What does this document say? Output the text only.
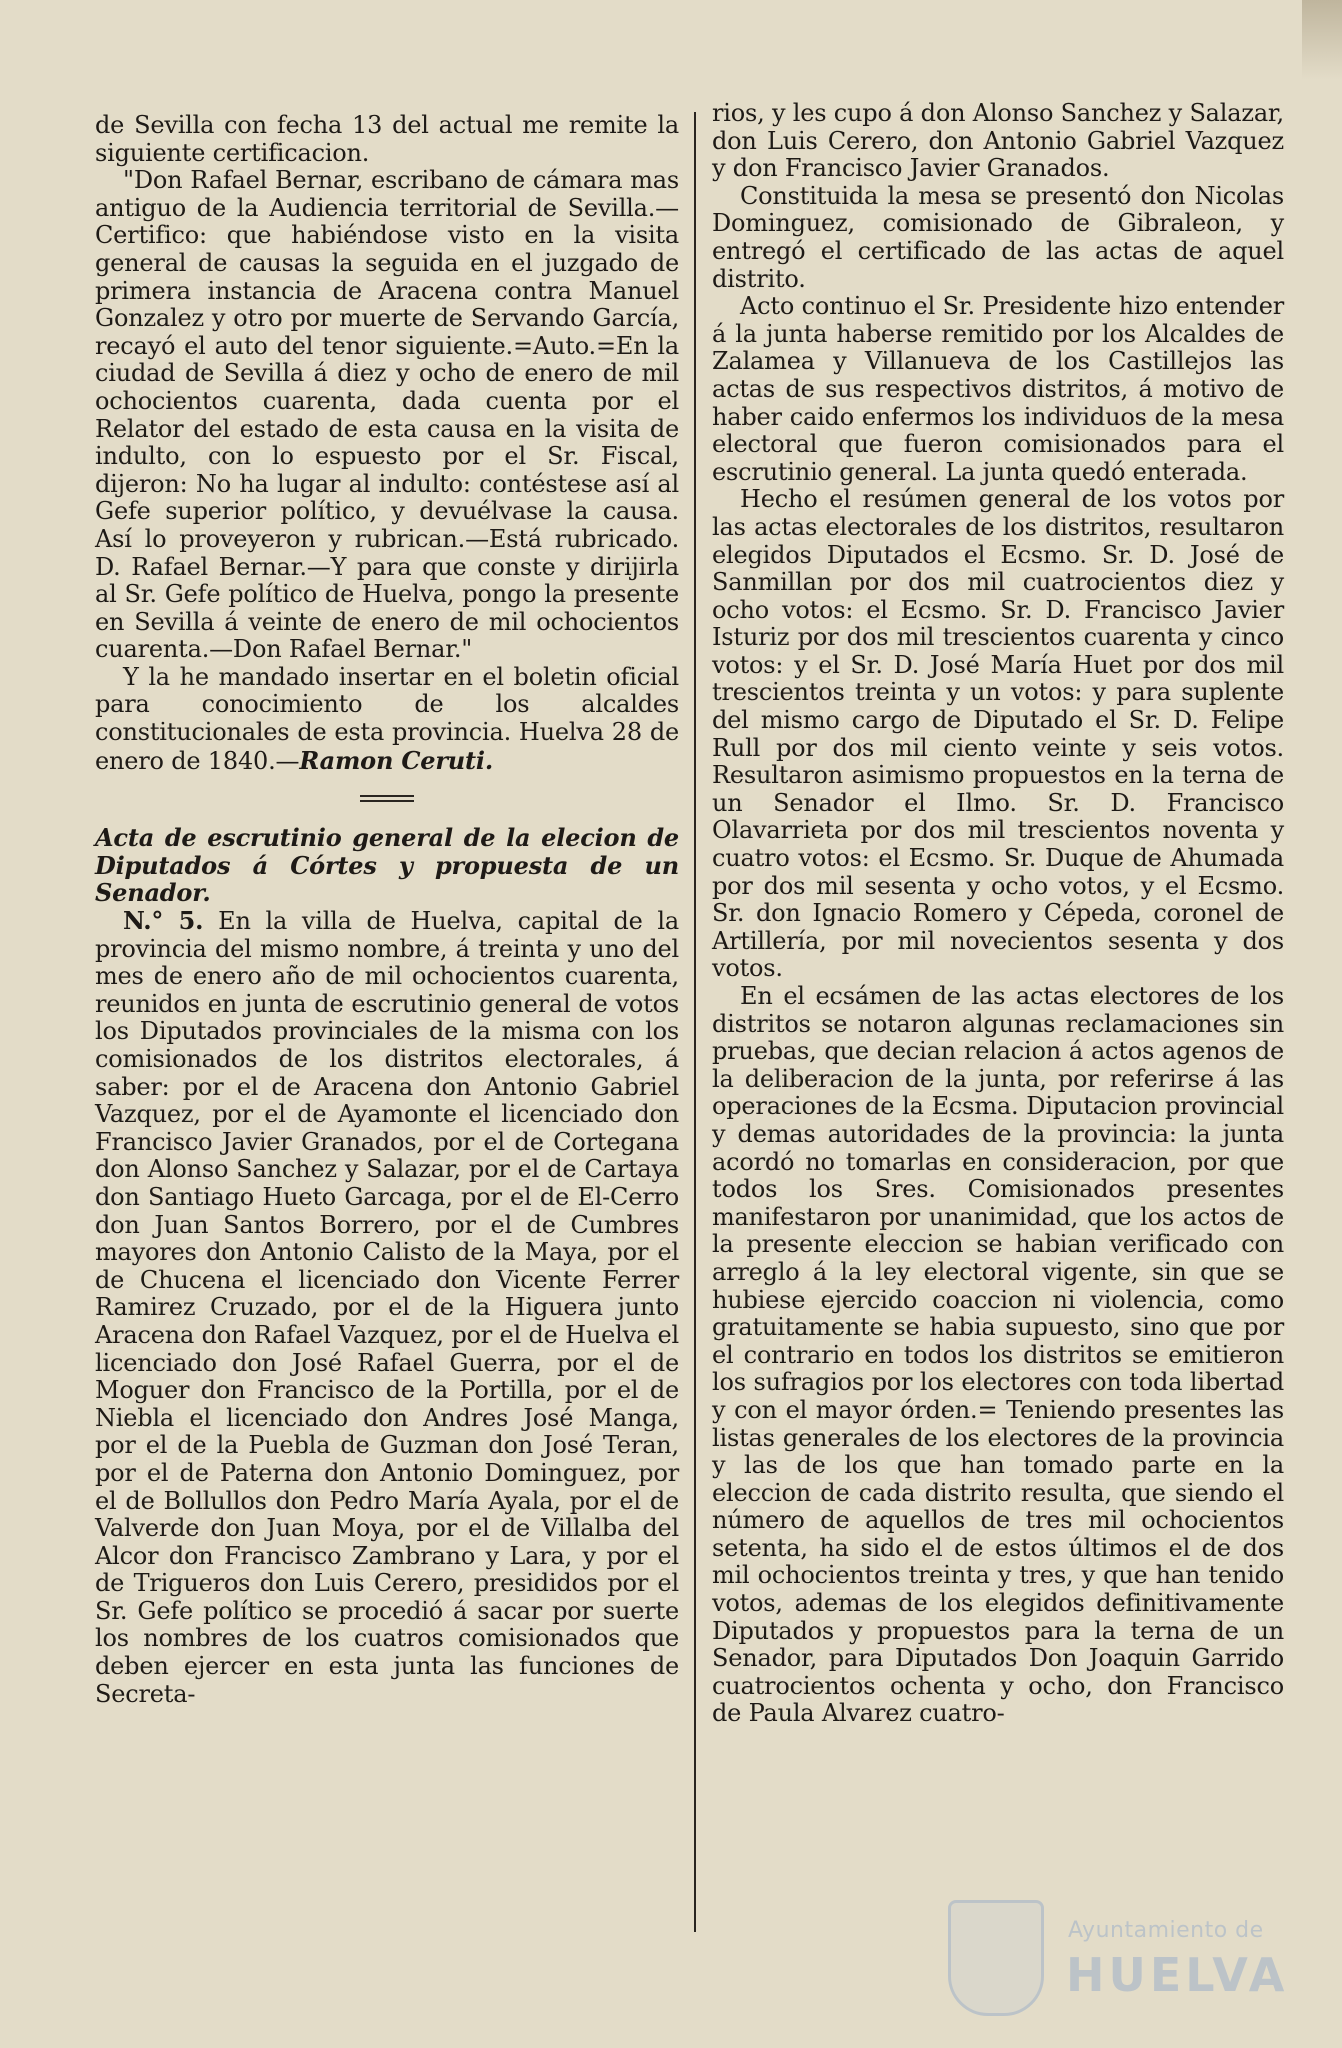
de Sevilla con fecha 13 del actual me remite la siguiente certificacion.

"Don Rafael Bernar, escribano de cámara mas antiguo de la Audiencia territorial de Sevilla.—Certifico: que habiéndose visto en la visita general de causas la seguida en el juzgado de primera instancia de Aracena contra Manuel Gonzalez y otro por muerte de Servando García, recayó el auto del tenor siguiente.=Auto.=En la ciudad de Sevilla á diez y ocho de enero de mil ochocientos cuarenta, dada cuenta por el Relator del estado de esta causa en la visita de indulto, con lo espuesto por el Sr. Fiscal, dijeron: No ha lugar al indulto: contéstese así al Gefe superior político, y devuélvase la causa. Así lo proveyeron y rubrican.—Está rubricado. D. Rafael Bernar.—Y para que conste y dirijirla al Sr. Gefe político de Huelva, pongo la presente en Sevilla á veinte de enero de mil ochocientos cuarenta.—Don Rafael Bernar."

Y la he mandado insertar en el boletin oficial para conocimiento de los alcaldes constitucionales de esta provincia. Huelva 28 de enero de 1840.—Ramon Ceruti.

Acta de escrutinio general de la elecion de Diputados á Córtes y propuesta de un Senador.

N.° 5. En la villa de Huelva, capital de la provincia del mismo nombre, á treinta y uno del mes de enero año de mil ochocientos cuarenta, reunidos en junta de escrutinio general de votos los Diputados provinciales de la misma con los comisionados de los distritos electorales, á saber: por el de Aracena don Antonio Gabriel Vazquez, por el de Ayamonte el licenciado don Francisco Javier Granados, por el de Cortegana don Alonso Sanchez y Salazar, por el de Cartaya don Santiago Hueto Garcaga, por el de El-Cerro don Juan Santos Borrero, por el de Cumbres mayores don Antonio Calisto de la Maya, por el de Chucena el licenciado don Vicente Ferrer Ramirez Cruzado, por el de la Higuera junto Aracena don Rafael Vazquez, por el de Huelva el licenciado don José Rafael Guerra, por el de Moguer don Francisco de la Portilla, por el de Niebla el licenciado don Andres José Manga, por el de la Puebla de Guzman don José Teran, por el de Paterna don Antonio Dominguez, por el de Bollullos don Pedro María Ayala, por el de Valverde don Juan Moya, por el de Villalba del Alcor don Francisco Zambrano y Lara, y por el de Trigueros don Luis Cerero, presididos por el Sr. Gefe político se procedió á sacar por suerte los nombres de los cuatros comisionados que deben ejercer en esta junta las funciones de Secreta-

rios, y les cupo á don Alonso Sanchez y Salazar, don Luis Cerero, don Antonio Gabriel Vazquez y don Francisco Javier Granados.

Constituida la mesa se presentó don Nicolas Dominguez, comisionado de Gibraleon, y entregó el certificado de las actas de aquel distrito.

Acto continuo el Sr. Presidente hizo entender á la junta haberse remitido por los Alcaldes de Zalamea y Villanueva de los Castillejos las actas de sus respectivos distritos, á motivo de haber caido enfermos los individuos de la mesa electoral que fueron comisionados para el escrutinio general. La junta quedó enterada.

Hecho el resúmen general de los votos por las actas electorales de los distritos, resultaron elegidos Diputados el Ecsmo. Sr. D. José de Sanmillan por dos mil cuatrocientos diez y ocho votos: el Ecsmo. Sr. D. Francisco Javier Isturiz por dos mil trescientos cuarenta y cinco votos: y el Sr. D. José María Huet por dos mil trescientos treinta y un votos: y para suplente del mismo cargo de Diputado el Sr. D. Felipe Rull por dos mil ciento veinte y seis votos. Resultaron asimismo propuestos en la terna de un Senador el Ilmo. Sr. D. Francisco Olavarrieta por dos mil trescientos noventa y cuatro votos: el Ecsmo. Sr. Duque de Ahumada por dos mil sesenta y ocho votos, y el Ecsmo. Sr. don Ignacio Romero y Cépeda, coronel de Artillería, por mil novecientos sesenta y dos votos.

En el ecsámen de las actas electores de los distritos se notaron algunas reclamaciones sin pruebas, que decian relacion á actos agenos de la deliberacion de la junta, por referirse á las operaciones de la Ecsma. Diputacion provincial y demas autoridades de la provincia: la junta acordó no tomarlas en consideracion, por que todos los Sres. Comisionados presentes manifestaron por unanimidad, que los actos de la presente eleccion se habian verificado con arreglo á la ley electoral vigente, sin que se hubiese ejercido coaccion ni violencia, como gratuitamente se habia supuesto, sino que por el contrario en todos los distritos se emitieron los sufragios por los electores con toda libertad y con el mayor órden.= Teniendo presentes las listas generales de los electores de la provincia y las de los que han tomado parte en la eleccion de cada distrito resulta, que siendo el número de aquellos de tres mil ochocientos setenta, ha sido el de estos últimos el de dos mil ochocientos treinta y tres, y que han tenido votos, ademas de los elegidos definitivamente Diputados y propuestos para la terna de un Senador, para Diputados Don Joaquin Garrido cuatrocientos ochenta y ocho, don Francisco de Paula Alvarez cuatro-

Ayuntamiento de
HUELVA
